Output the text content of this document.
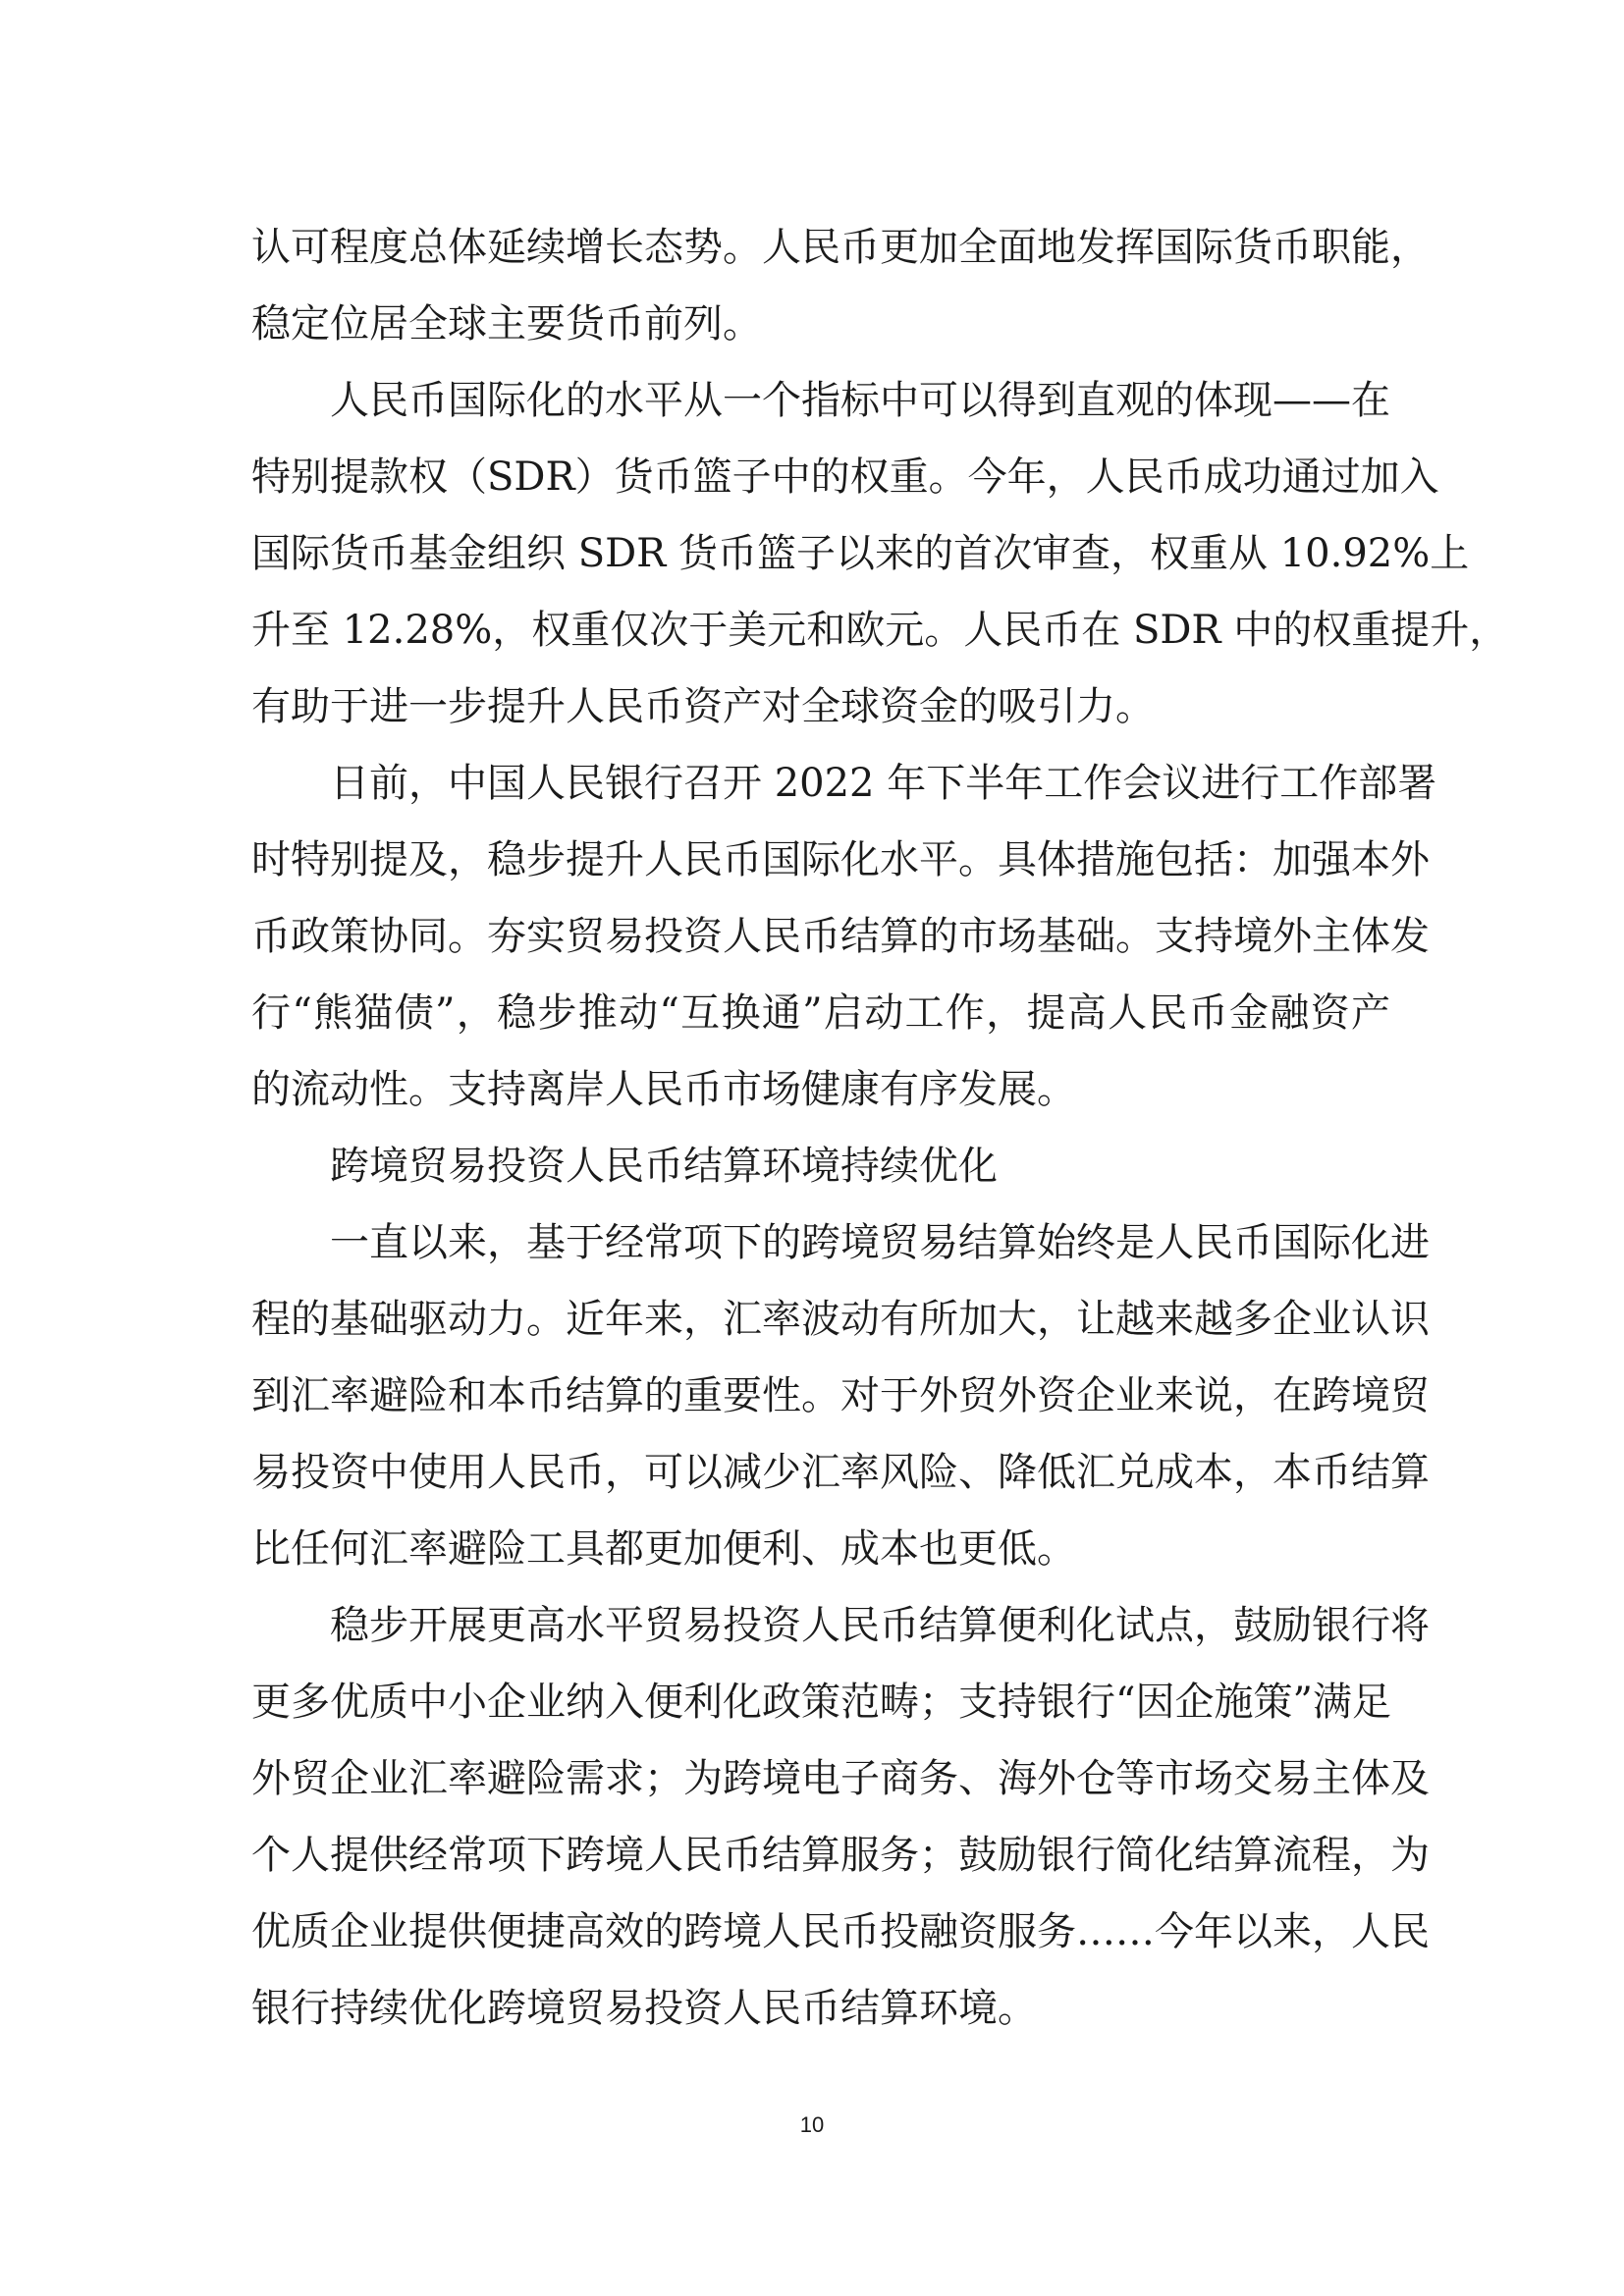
认可程度总体延续增长态势。人民币更加全面地发挥国际货币职能，
稳定位居全球主要货币前列。
人民币国际化的水平从一个指标中可以得到直观的体现——在
特别提款权（SDR）货币篮子中的权重。今年，人民币成功通过加入
国际货币基金组织 SDR 货币篮子以来的首次审查，权重从 10.92%上
升至 12.28%，权重仅次于美元和欧元。人民币在 SDR 中的权重提升，
有助于进一步提升人民币资产对全球资金的吸引力。
日前，中国人民银行召开 2022 年下半年工作会议进行工作部署
时特别提及，稳步提升人民币国际化水平。具体措施包括：加强本外
币政策协同。夯实贸易投资人民币结算的市场基础。支持境外主体发
行“熊猫债”，稳步推动“互换通”启动工作，提高人民币金融资产
的流动性。支持离岸人民币市场健康有序发展。
跨境贸易投资人民币结算环境持续优化
一直以来，基于经常项下的跨境贸易结算始终是人民币国际化进
程的基础驱动力。近年来，汇率波动有所加大，让越来越多企业认识
到汇率避险和本币结算的重要性。对于外贸外资企业来说，在跨境贸
易投资中使用人民币，可以减少汇率风险、降低汇兑成本，本币结算
比任何汇率避险工具都更加便利、成本也更低。
稳步开展更高水平贸易投资人民币结算便利化试点，鼓励银行将
更多优质中小企业纳入便利化政策范畴；支持银行“因企施策”满足
外贸企业汇率避险需求；为跨境电子商务、海外仓等市场交易主体及
个人提供经常项下跨境人民币结算服务；鼓励银行简化结算流程，为
优质企业提供便捷高效的跨境人民币投融资服务……今年以来，人民
银行持续优化跨境贸易投资人民币结算环境。
10
